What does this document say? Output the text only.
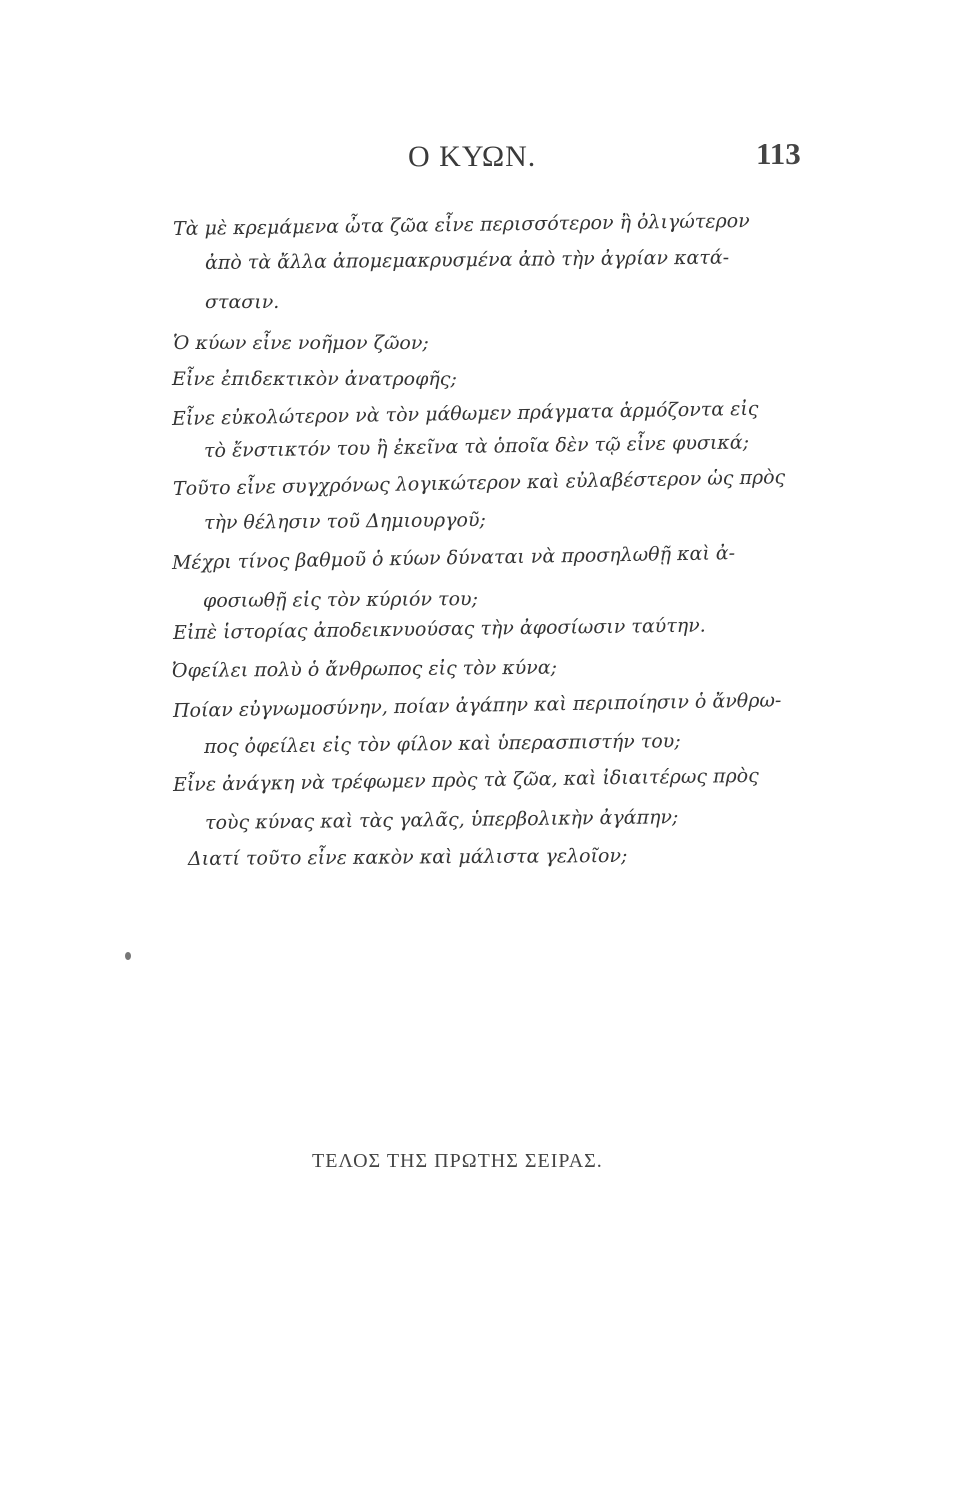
Ο ΚΥΩΝ.	113
Τὰ μὲ κρεμάμενα ὦτα ζῶα εἶνε περισσότερον ἢ ὀλιγώτερον
ἀπὸ τὰ ἄλλα ἀπομεμακρυσμένα ἀπὸ τὴν ἀγρίαν κατά-
στασιν.
Ὁ κύων εἶνε νοῆμον ζῶον;
Εἶνε ἐπιδεκτικὸν ἀνατροφῆς;
Εἶνε εὐκολώτερον νὰ τὸν μάθωμεν πράγματα ἁρμόζοντα εἰς
τὸ ἔνστικτόν του ἢ ἐκεῖνα τὰ ὁποῖα δὲν τῷ εἶνε φυσικά;
Τοῦτο εἶνε συγχρόνως λογικώτερον καὶ εὐλαβέστερον ὡς πρὸς
τὴν θέλησιν τοῦ Δημιουργοῦ;
Μέχρι τίνος βαθμοῦ ὁ κύων δύναται νὰ προσηλωθῇ καὶ ἀ-
φοσιωθῇ εἰς τὸν κύριόν του;
Εἰπὲ ἱστορίας ἀποδεικνυούσας τὴν ἀφοσίωσιν ταύτην.
Ὀφείλει πολὺ ὁ ἄνθρωπος εἰς τὸν κύνα;
Ποίαν εὐγνωμοσύνην, ποίαν ἀγάπην καὶ περιποίησιν ὁ ἄνθρω-
πος ὀφείλει εἰς τὸν φίλον καὶ ὑπερασπιστήν του;
Εἶνε ἀνάγκη νὰ τρέφωμεν πρὸς τὰ ζῶα, καὶ ἰδιαιτέρως πρὸς
τοὺς κύνας καὶ τὰς γαλᾶς, ὑπερβολικὴν ἀγάπην;
Διατί τοῦτο εἶνε κακὸν καὶ μάλιστα γελοῖον;
ΤΕΛΟΣ ΤΗΣ ΠΡΩΤΗΣ ΣΕΙΡΑΣ.
